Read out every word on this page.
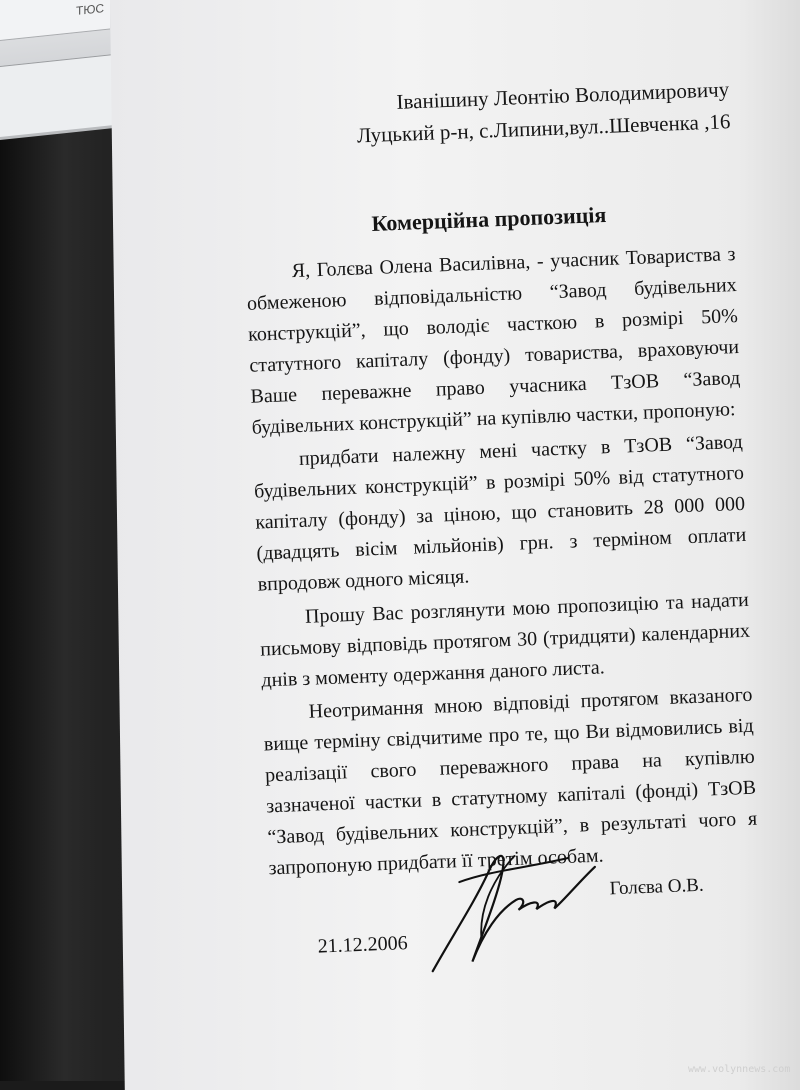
ТЮС
Іванішину Леонтію Володимировичу
Луцький р-н, с.Липини,вул..Шевченка ,16
Комерційна пропозиція

Я, Голєва Олена Василівна, - учасник Товариства з обмеженою відповідальністю “Завод будівельних конструкцій”, що володіє часткою в розмірі 50% статутного капіталу (фонду) товариства, враховуючи Ваше переважне право учасника ТзОВ “Завод будівельних конструкцій” на купівлю частки, пропоную:

придбати належну мені частку в ТзОВ “Завод будівельних конструкцій” в розмірі 50% від статутного капіталу (фонду) за ціною, що становить 28 000 000 (двадцять вісім мільйонів) грн. з терміном оплати впродовж одного місяця.

Прошу Вас розглянути мою пропозицію та надати письмову відповідь протягом 30 (тридцяти) календарних днів з моменту одержання даного листа.

Неотримання мною відповіді протягом вказаного вище терміну свідчитиме про те, що Ви відмовились від реалізації свого переважного права на купівлю зазначеної частки в статутному капіталі (фонді) ТзОВ “Завод будівельних конструкцій”, в результаті чого я запропоную придбати її третім особам.

Голєва О.В.
21.12.2006
www.volynnews.com
